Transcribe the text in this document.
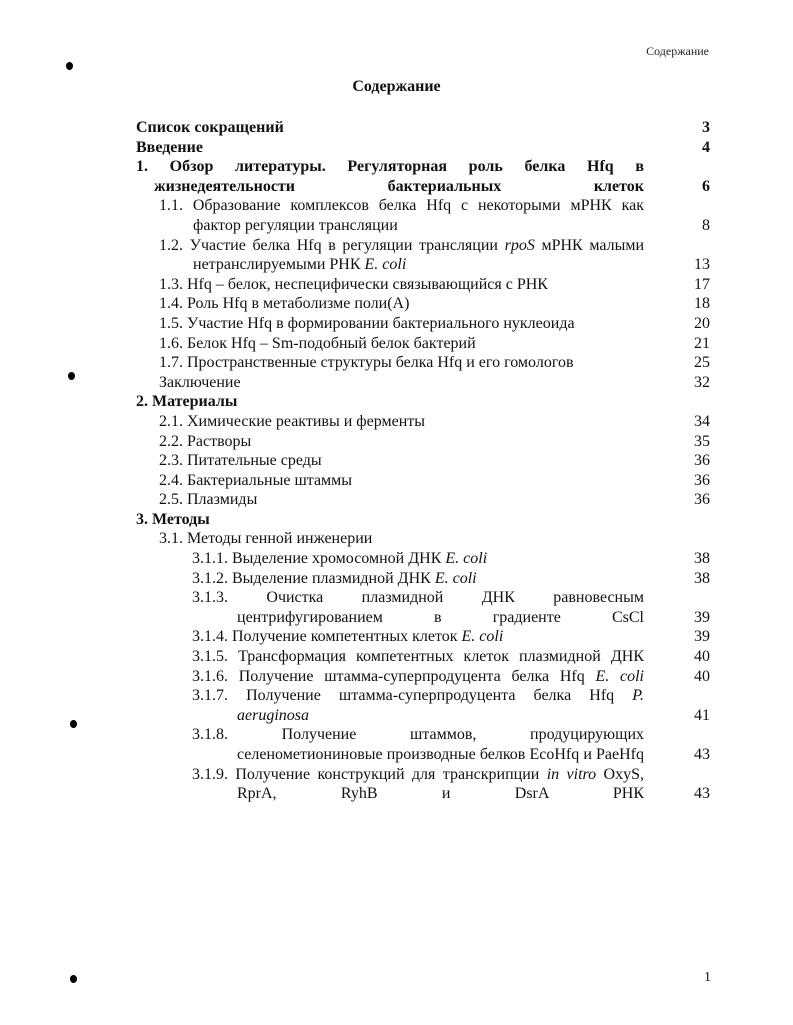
Содержание
Содержание
Список сокращений	3
Введение	4
1. Обзор литературы. Регуляторная роль белка Hfq в жизнедеятельности бактериальных клеток	6
1.1. Образование комплексов белка Hfq с некоторыми мРНК как фактор регуляции трансляции	8
1.2. Участие белка Hfq в регуляции трансляции rpoS мРНК малыми нетранслируемыми РНК E. coli	13
1.3. Hfq – белок, неспецифически связывающийся с РНК	17
1.4. Роль Hfq в метаболизме поли(A)	18
1.5. Участие Hfq в формировании бактериального нуклеоида	20
1.6. Белок Hfq – Sm-подобный белок бактерий	21
1.7. Пространственные структуры белка Hfq и его гомологов	25
Заключение	32
2. Материалы
2.1. Химические реактивы и ферменты	34
2.2. Растворы	35
2.3. Питательные среды	36
2.4. Бактериальные штаммы	36
2.5. Плазмиды	36
3. Методы
3.1. Методы генной инженерии
3.1.1. Выделение хромосомной ДНК E. coli	38
3.1.2. Выделение плазмидной ДНК E. coli	38
3.1.3. Очистка плазмидной ДНК равновесным центрифугированием в градиенте CsCl	39
3.1.4. Получение компетентных клеток E. coli	39
3.1.5. Трансформация компетентных клеток плазмидной ДНК	40
3.1.6. Получение штамма-суперпродуцента белка Hfq E. coli	40
3.1.7. Получение штамма-суперпродуцента белка Hfq P. aeruginosa	41
3.1.8. Получение штаммов, продуцирующих селенометиониновые производные белков EcoHfq и PaeHfq	43
3.1.9. Получение конструкций для транскрипции in vitro OxyS, RprA, RyhB и DsrA РНК	43
1
